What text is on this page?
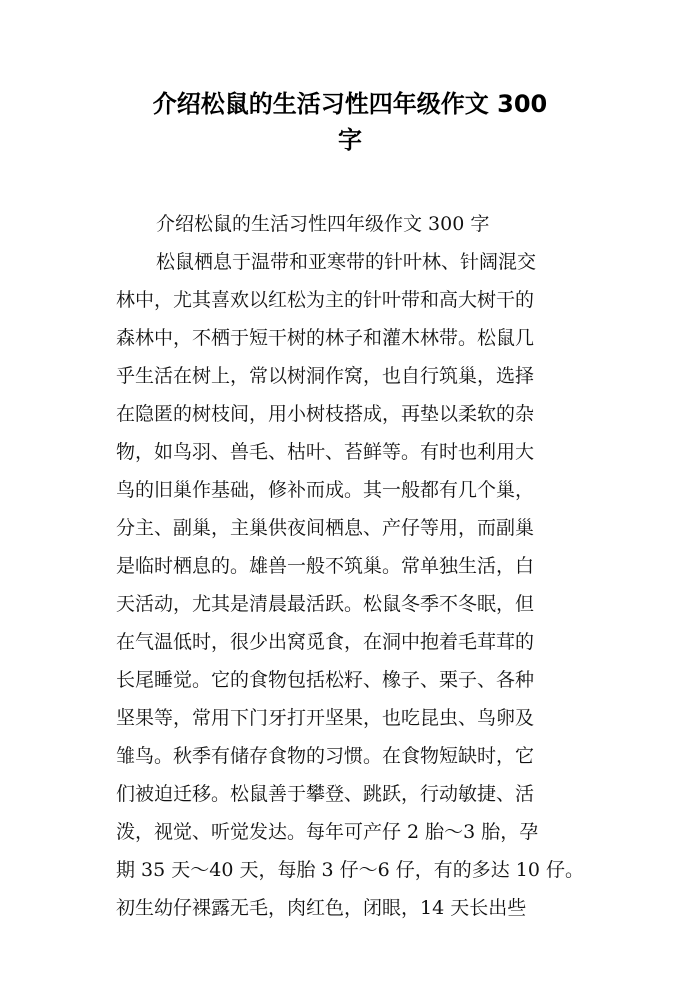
介绍松鼠的生活习性四年级作文 300
字
介绍松鼠的生活习性四年级作文 300 字
松鼠栖息于温带和亚寒带的针叶林、针阔混交
林中，尤其喜欢以红松为主的针叶带和高大树干的
森林中，不栖于短干树的林子和灌木林带。松鼠几
乎生活在树上，常以树洞作窝，也自行筑巢，选择
在隐匿的树枝间，用小树枝搭成，再垫以柔软的杂
物，如鸟羽、兽毛、枯叶、苔鲜等。有时也利用大
鸟的旧巢作基础，修补而成。其一般都有几个巢，
分主、副巢，主巢供夜间栖息、产仔等用，而副巢
是临时栖息的。雄兽一般不筑巢。常单独生活，白
天活动，尤其是清晨最活跃。松鼠冬季不冬眠，但
在气温低时，很少出窝觅食，在洞中抱着毛茸茸的
长尾睡觉。它的食物包括松籽、橡子、栗子、各种
坚果等，常用下门牙打开坚果，也吃昆虫、鸟卵及
雏鸟。秋季有储存食物的习惯。在食物短缺时，它
们被迫迁移。松鼠善于攀登、跳跃，行动敏捷、活
泼，视觉、听觉发达。每年可产仔 2 胎～3 胎，孕
期 35 天～40 天，每胎 3 仔～6 仔，有的多达 10 仔。
初生幼仔裸露无毛，肉红色，闭眼，14 天长出些
